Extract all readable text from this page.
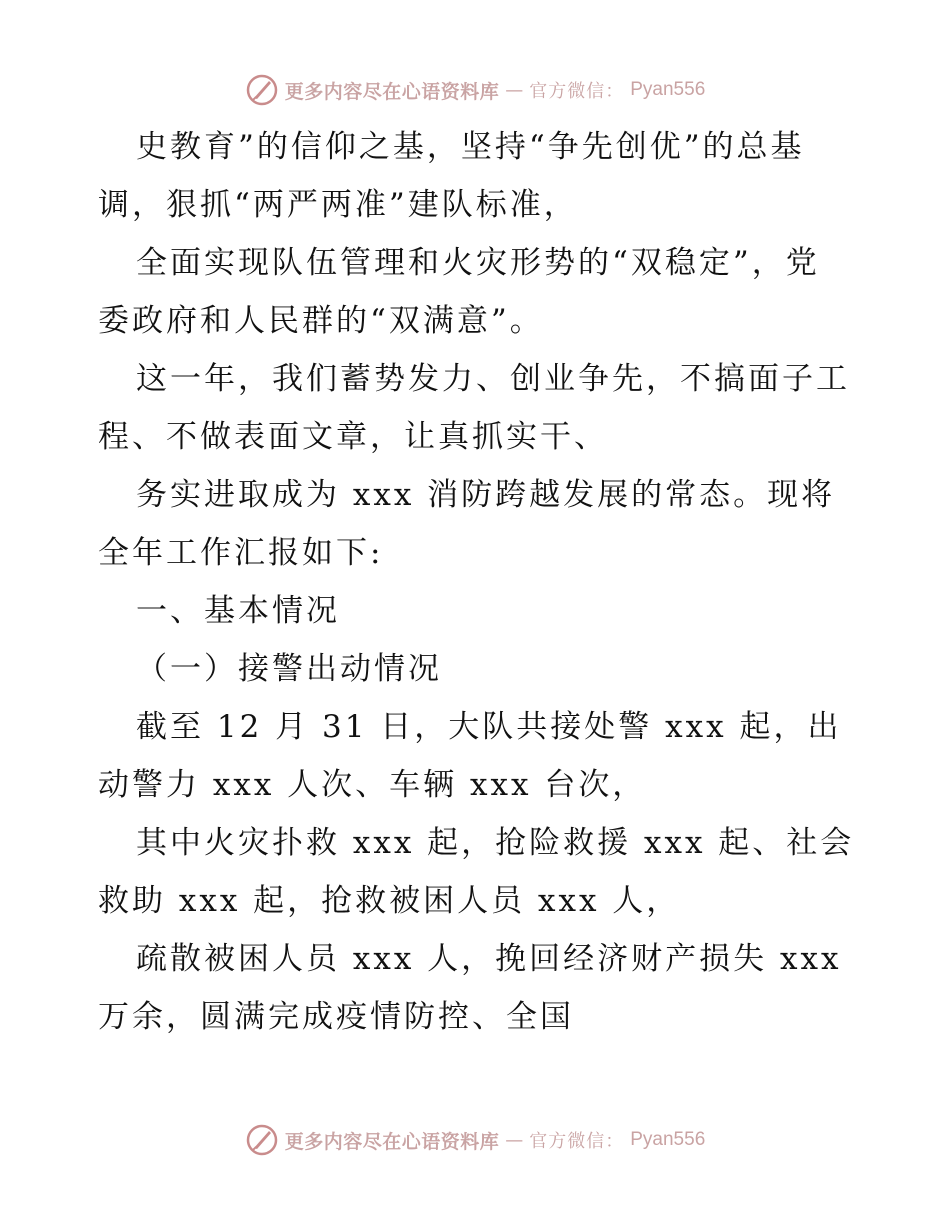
更多内容尽在心语资料库 — 官方微信： Pyan556
史教育”的信仰之基，坚持“争先创优”的总基
调，狠抓“两严两准”建队标准，
全面实现队伍管理和火灾形势的“双稳定”，党
委政府和人民群的“双满意”。
这一年，我们蓄势发力、创业争先，不搞面子工
程、不做表面文章，让真抓实干、
务实进取成为 xxx 消防跨越发展的常态。现将
全年工作汇报如下:
一、基本情况
（一）接警出动情况
截至 12 月 31 日，大队共接处警 xxx 起，出
动警力 xxx 人次、车辆 xxx 台次，
其中火灾扑救 xxx 起，抢险救援 xxx 起、社会
救助 xxx 起，抢救被困人员 xxx 人，
疏散被困人员 xxx 人，挽回经济财产损失 xxx
万余，圆满完成疫情防控、全国
更多内容尽在心语资料库 — 官方微信： Pyan556
